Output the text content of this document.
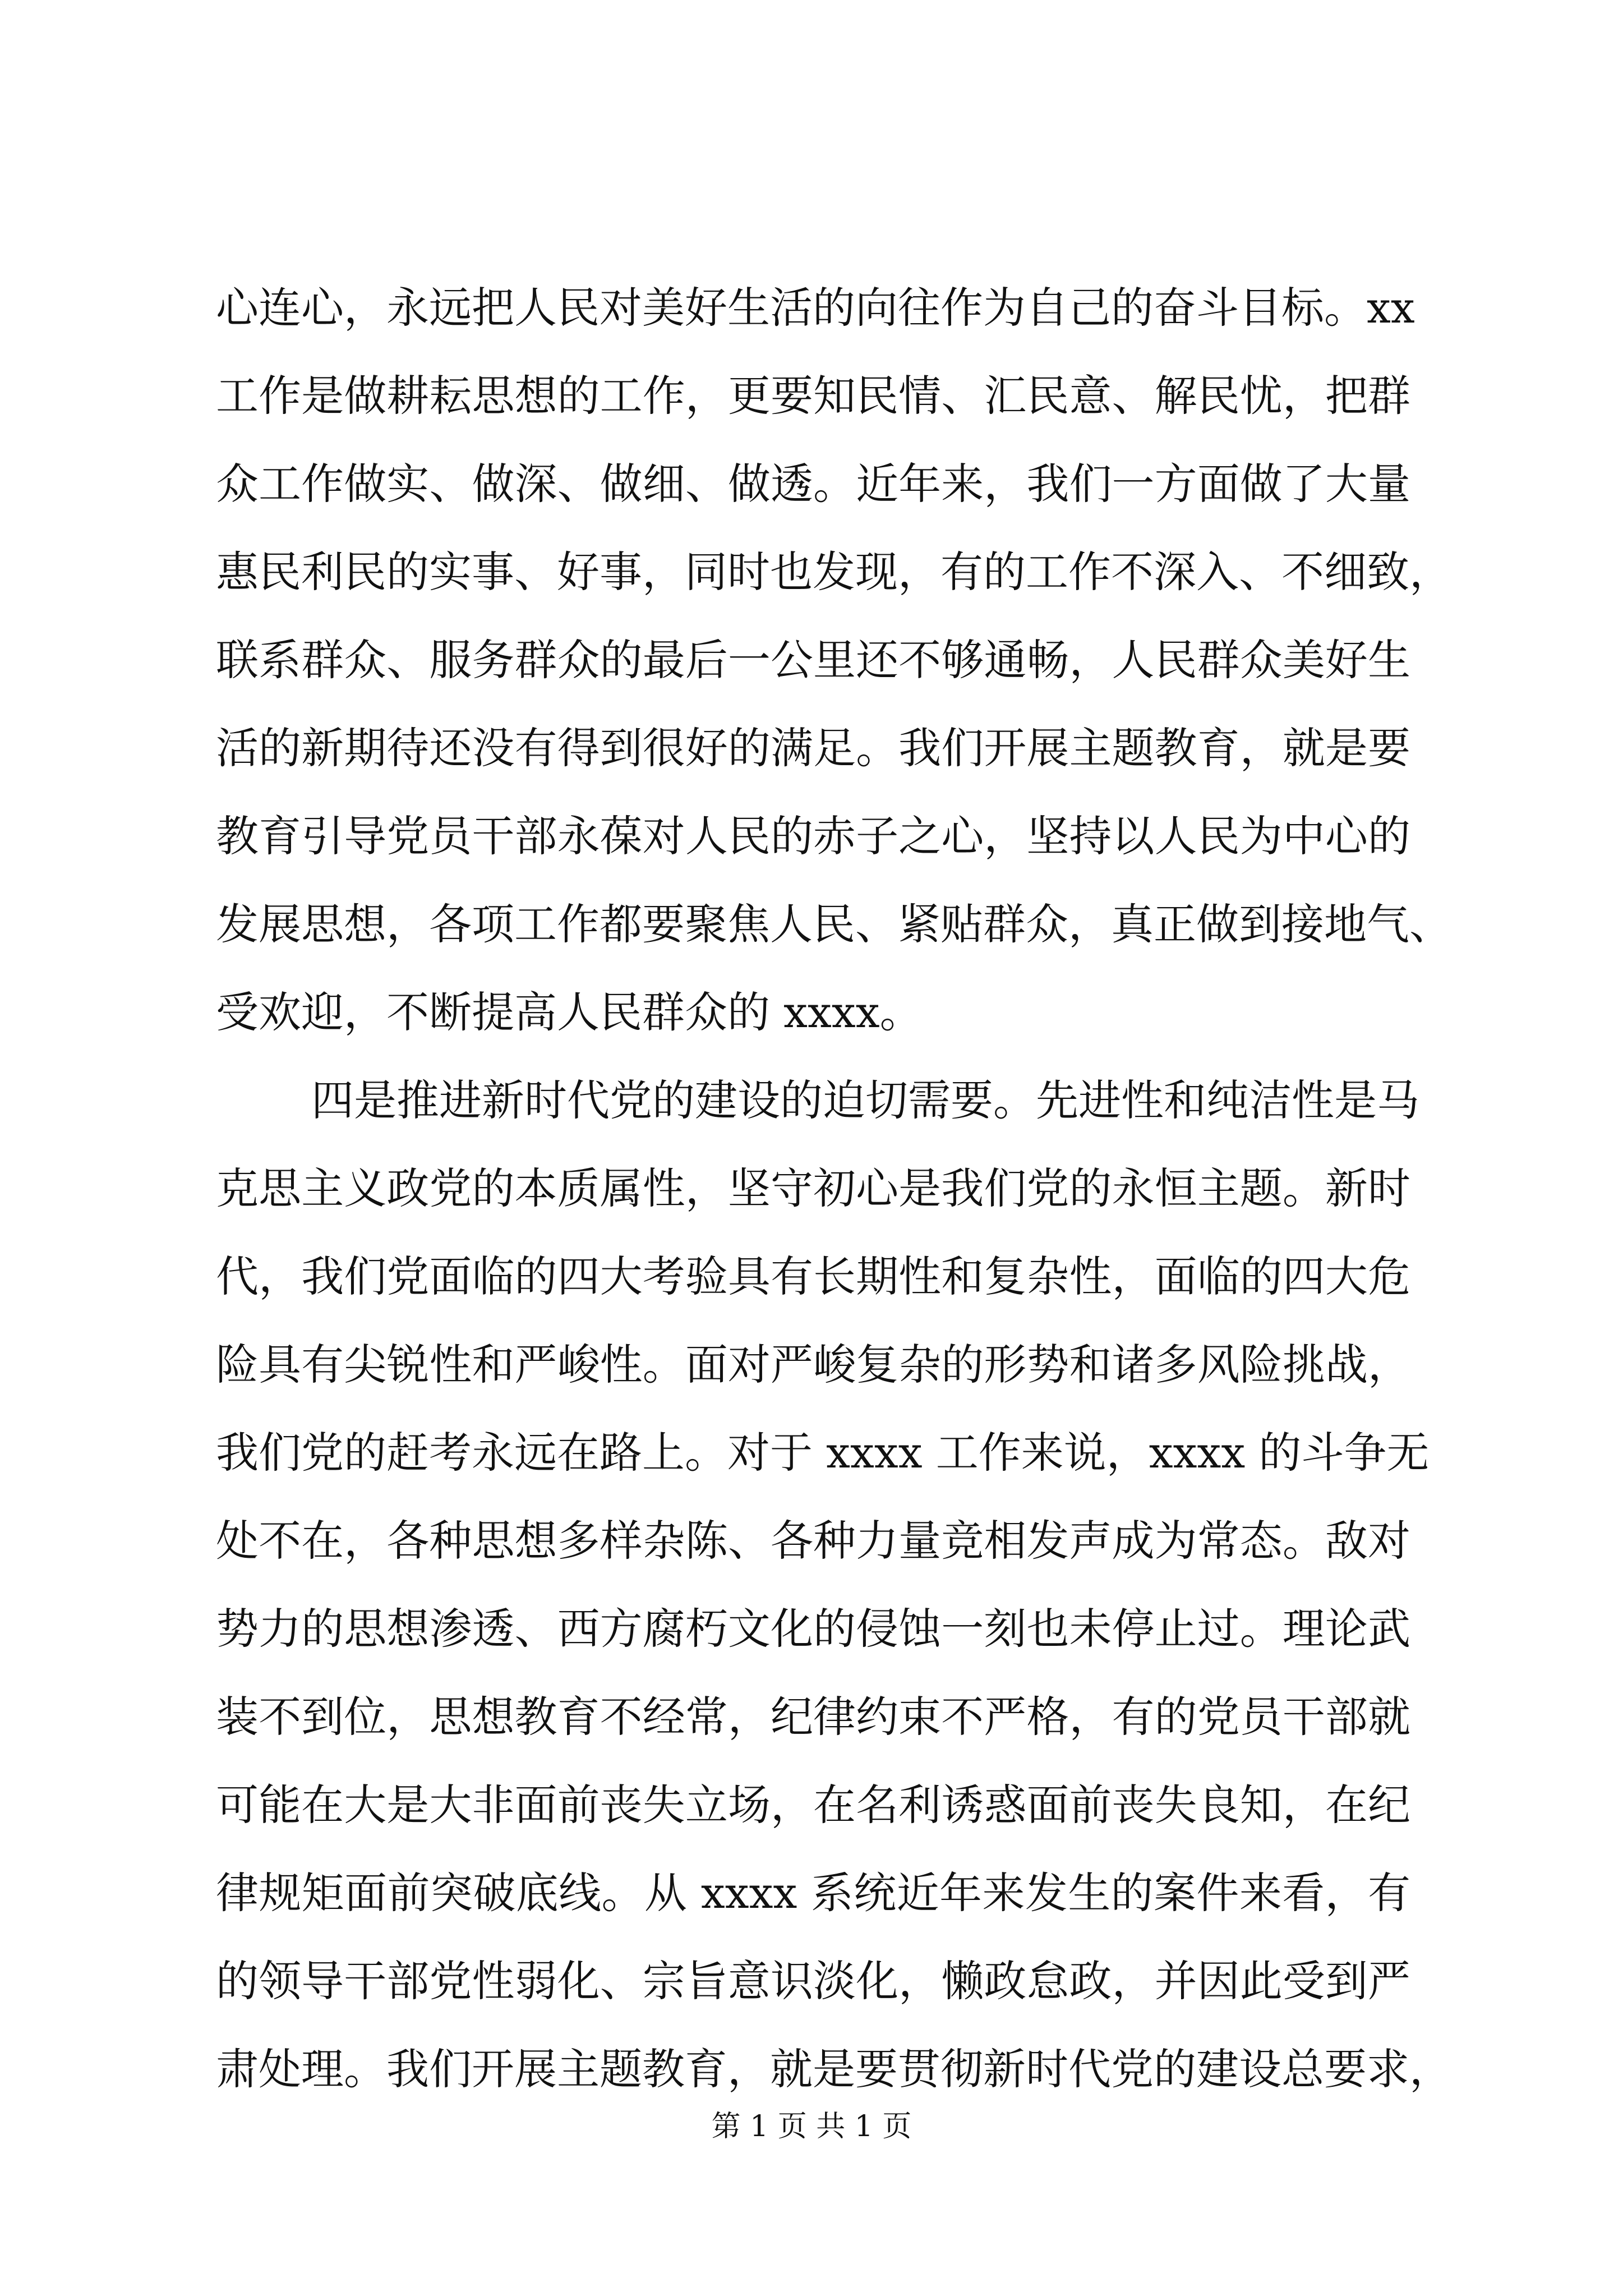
心连心，永远把人民对美好生活的向往作为自己的奋斗目标。xx
工作是做耕耘思想的工作，更要知民情、汇民意、解民忧，把群
众工作做实、做深、做细、做透。近年来，我们一方面做了大量
惠民利民的实事、好事，同时也发现，有的工作不深入、不细致，
联系群众、服务群众的最后一公里还不够通畅，人民群众美好生
活的新期待还没有得到很好的满足。我们开展主题教育，就是要
教育引导党员干部永葆对人民的赤子之心，坚持以人民为中心的
发展思想，各项工作都要聚焦人民、紧贴群众，真正做到接地气、
受欢迎，不断提高人民群众的 xxxx。
四是推进新时代党的建设的迫切需要。先进性和纯洁性是马
克思主义政党的本质属性，坚守初心是我们党的永恒主题。新时
代，我们党面临的四大考验具有长期性和复杂性，面临的四大危
险具有尖锐性和严峻性。面对严峻复杂的形势和诸多风险挑战，
我们党的赶考永远在路上。对于 xxxx 工作来说，xxxx 的斗争无
处不在，各种思想多样杂陈、各种力量竞相发声成为常态。敌对
势力的思想渗透、西方腐朽文化的侵蚀一刻也未停止过。理论武
装不到位，思想教育不经常，纪律约束不严格，有的党员干部就
可能在大是大非面前丧失立场，在名利诱惑面前丧失良知，在纪
律规矩面前突破底线。从 xxxx 系统近年来发生的案件来看，有
的领导干部党性弱化、宗旨意识淡化，懒政怠政，并因此受到严
肃处理。我们开展主题教育，就是要贯彻新时代党的建设总要求，
第 1 页 共 1 页
